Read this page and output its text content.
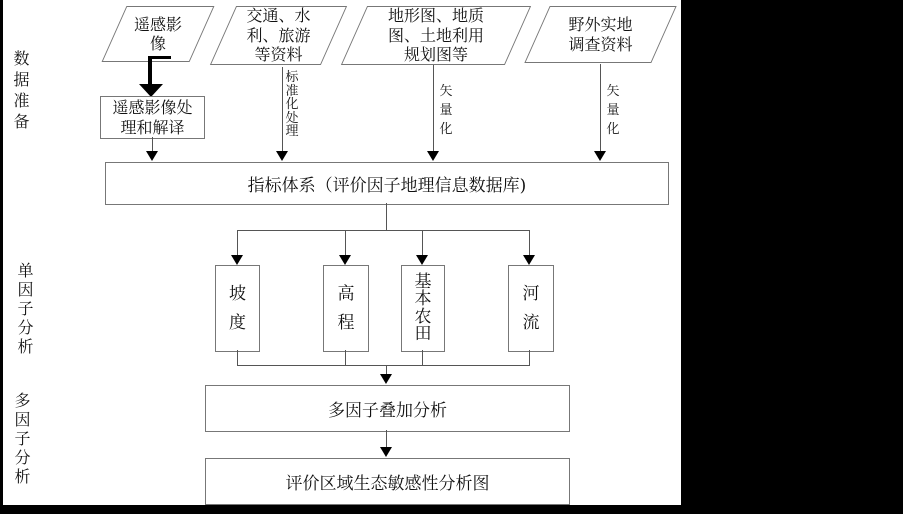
数据准备
单因子分析
多因子分析
遥感影
像
交通、水
利、旅游
等资料
地形图、地质
图、土地利用
规划图等
野外实地
调查资料
遥感影像处
理和解译
标准化处理
矢量化
矢量化
指标体系（评价因子地理信息数据库)
坡度
高程
基本农田
河流
多因子叠加分析
评价区域生态敏感性分析图
